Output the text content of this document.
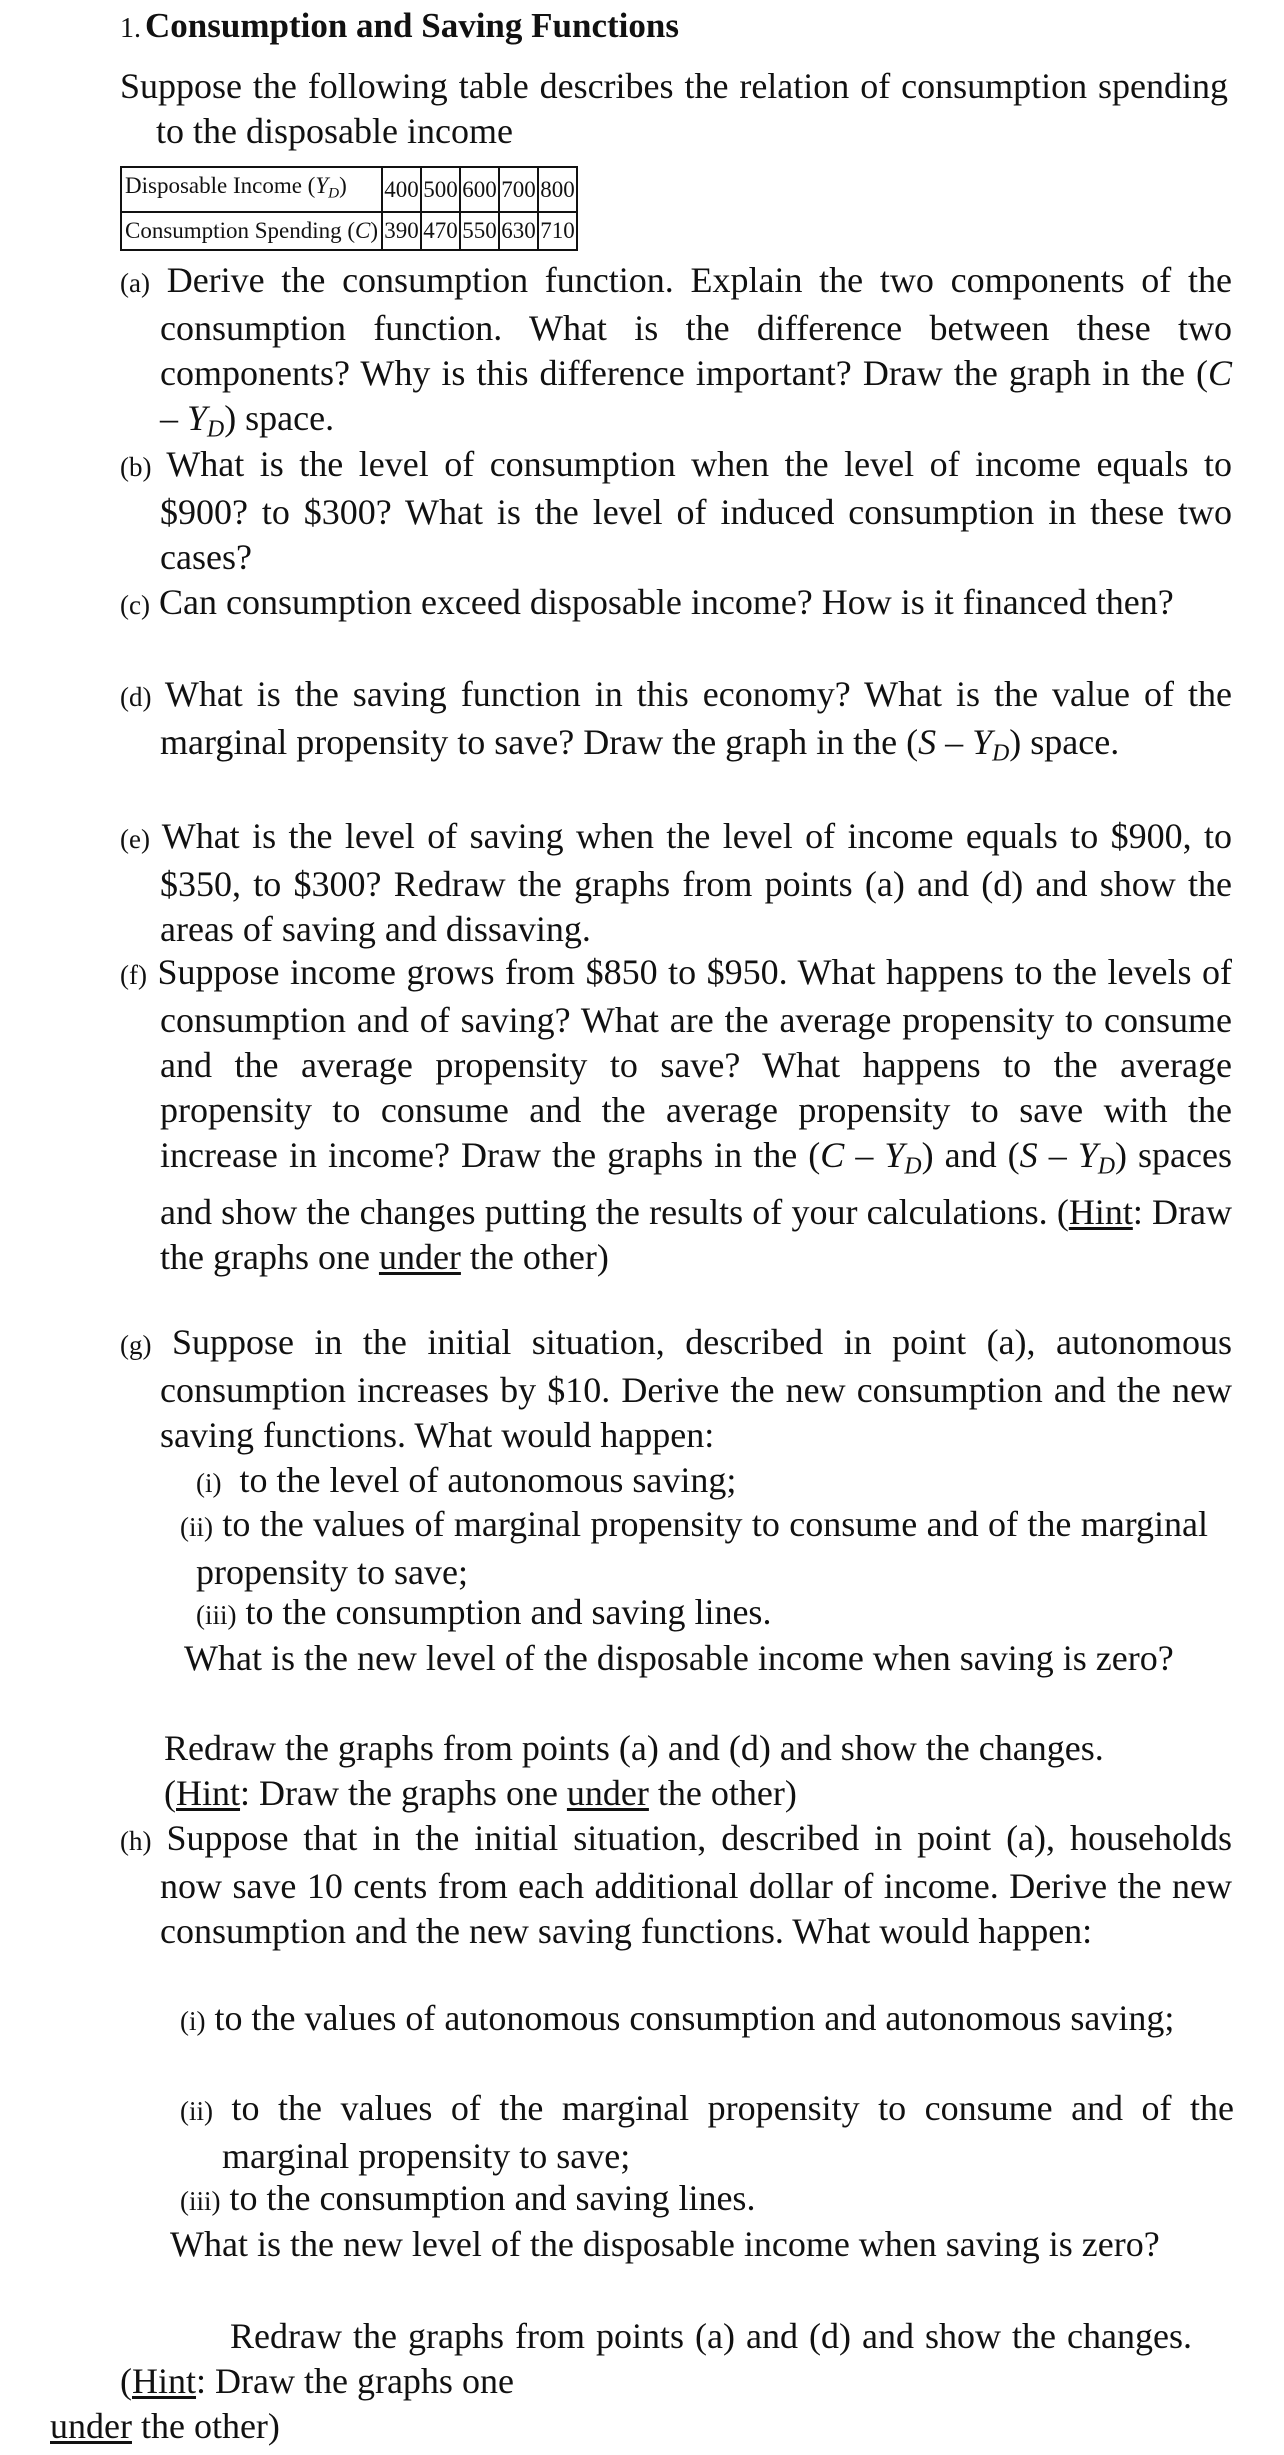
1. Consumption and Saving Functions
Suppose the following table describes the relation of consumption spending to the disposable income
Disposable Income $(Y_D)$	400	500	600	700	800
Consumption Spending (C)	390	470	550	630	710
(a) Derive the consumption function. Explain the two components of the consumption function. What is the difference between these two components? Why is this difference important? Draw the graph in the $(C - Y_D)$ space.
(b) What is the level of consumption when the level of income equals to $900? to $300? What is the level of induced consumption in these two cases?
(c) Can consumption exceed disposable income? How is it financed then?
(d) What is the saving function in this economy? What is the value of the marginal propensity to save? Draw the graph in the $(S - Y_D)$ space.
(e) What is the level of saving when the level of income equals to $900, to $350, to $300? Redraw the graphs from points (a) and (d) and show the areas of saving and dissaving.
(f) Suppose income grows from $850 to $950. What happens to the levels of consumption and of saving? What are the average propensity to consume and the average propensity to save? What happens to the average propensity to consume and the average propensity to save with the increase in income? Draw the graphs in the $(C - Y_D)$ and $(S - Y_D)$ spaces and show the changes putting the results of your calculations. (Hint: Draw the graphs one under the other)
(g) Suppose in the initial situation, described in point (a), autonomous consumption increases by $10. Derive the new consumption and the new saving functions. What would happen:
(i) to the level of autonomous saving;
(ii) to the values of marginal propensity to consume and of the marginal propensity to save;
(iii) to the consumption and saving lines.
What is the new level of the disposable income when saving is zero?
Redraw the graphs from points (a) and (d) and show the changes. (Hint: Draw the graphs one under the other)
(h) Suppose that in the initial situation, described in point (a), households now save 10 cents from each additional dollar of income. Derive the new consumption and the new saving functions. What would happen:
(i) to the values of autonomous consumption and autonomous saving;
(ii) to the values of the marginal propensity to consume and of the marginal propensity to save;
(iii) to the consumption and saving lines.
What is the new level of the disposable income when saving is zero?
Redraw the graphs from points (a) and (d) and show the changes. (Hint: Draw the graphs one
under the other)
